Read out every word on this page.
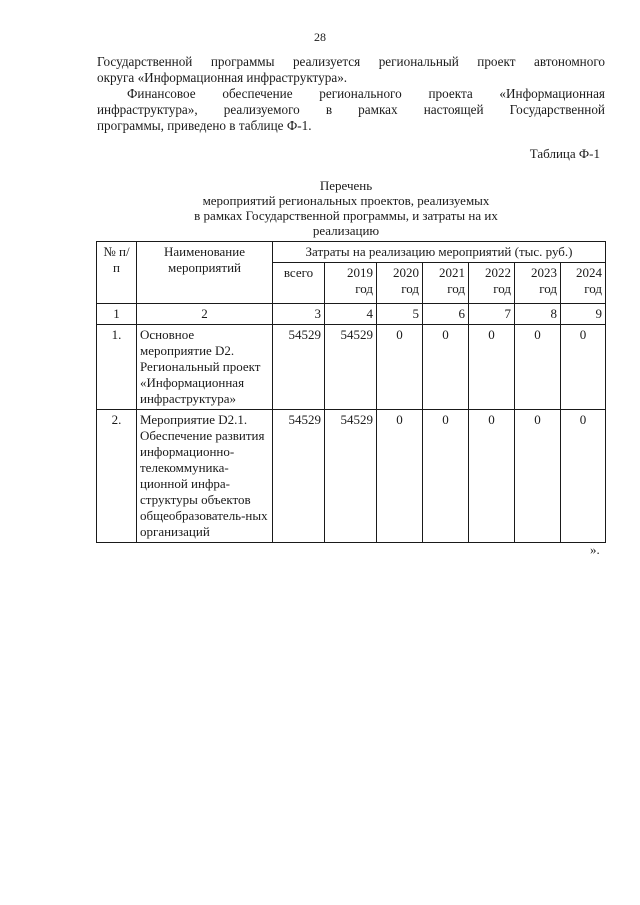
28
Государственной программы реализуется региональный проект автономного
округа «Информационная инфраструктура».
Финансовое обеспечение регионального проекта «Информационная
инфраструктура», реализуемого в рамках настоящей Государственной
программы, приведено в таблице Ф-1.
Таблица Ф-1
Перечень
мероприятий региональных проектов, реализуемых
в рамках Государственной программы, и затраты на их
реализацию
№ п/п	Наименование мероприятий	Затраты на реализацию мероприятий (тыс. руб.)						
		всего	2019 год	2020 год	2021 год	2022 год	2023 год	2024 год
1	2	3	4	5	6	7	8	9
1.	Основное мероприятие D2. Региональный проект «Информационная инфраструктура»	54529	54529	0	0	0	0	0
2.	Мероприятие D2.1. Обеспечение развития информационно-телекоммуника-ционной инфра-структуры объектов общеобразователь-ных организаций	54529	54529	0	0	0	0	0
».
